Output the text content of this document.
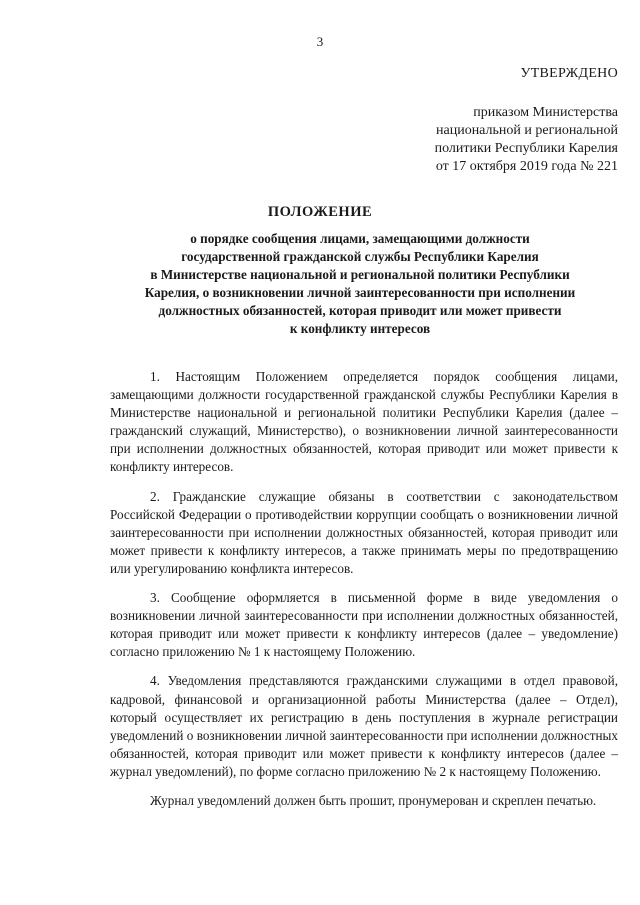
3
УТВЕРЖДЕНО
приказом Министерства
национальной и региональной
политики Республики Карелия
от 17 октября 2019 года № 221
ПОЛОЖЕНИЕ
о порядке сообщения лицами, замещающими должности
государственной гражданской службы Республики Карелия
в Министерстве национальной и региональной политики Республики
Карелия, о возникновении личной заинтересованности при исполнении
должностных обязанностей, которая приводит или может привести
к конфликту интересов

1. Настоящим Положением определяется порядок сообщения лицами, замещающими должности государственной гражданской службы Республики Карелия в Министерстве национальной и региональной политики Республики Карелия (далее – гражданский служащий, Министерство), о возникновении личной заинтересованности при исполнении должностных обязанностей, которая приводит или может привести к конфликту интересов.

2. Гражданские служащие обязаны в соответствии с законодательством Российской Федерации о противодействии коррупции сообщать о возникновении личной заинтересованности при исполнении должностных обязанностей, которая приводит или может привести к конфликту интересов, а также принимать меры по предотвращению или урегулированию конфликта интересов.

3. Сообщение оформляется в письменной форме в виде уведомления о возникновении личной заинтересованности при исполнении должностных обязанностей, которая приводит или может привести к конфликту интересов (далее – уведомление) согласно приложению № 1 к настоящему Положению.

4. Уведомления представляются гражданскими служащими в отдел правовой, кадровой, финансовой и организационной работы Министерства (далее – Отдел), который осуществляет их регистрацию в день поступления в журнале регистрации уведомлений о возникновении личной заинтересованности при исполнении должностных обязанностей, которая приводит или может привести к конфликту интересов (далее – журнал уведомлений), по форме согласно приложению № 2 к настоящему Положению.

Журнал уведомлений должен быть прошит, пронумерован и скреплен печатью.
